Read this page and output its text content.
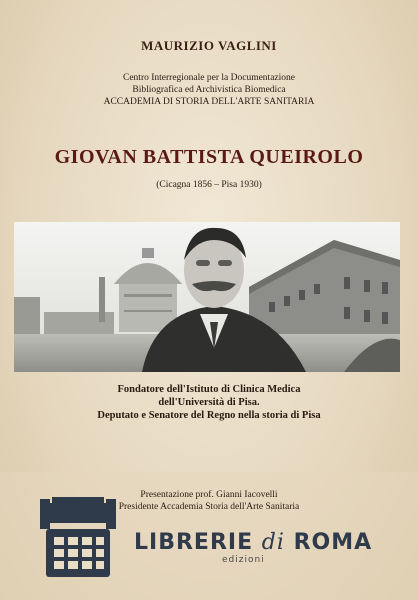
MAURIZIO VAGLINI
Centro Interregionale per la Documentazione
Bibliografica ed Archivistica Biomedica
ACCADEMIA DI STORIA DELL'ARTE SANITARIA
GIOVAN BATTISTA QUEIROLO
(Cicagna 1856 – Pisa 1930)
Fondatore dell'Istituto di Clinica Medica
dell'Università di Pisa.
Deputato e Senatore del Regno nella storia di Pisa
Presentazione prof. Gianni Iacovelli
Presidente Accademia Storia dell'Arte Sanitaria
LIBRERIE di ROMA
edizioni
